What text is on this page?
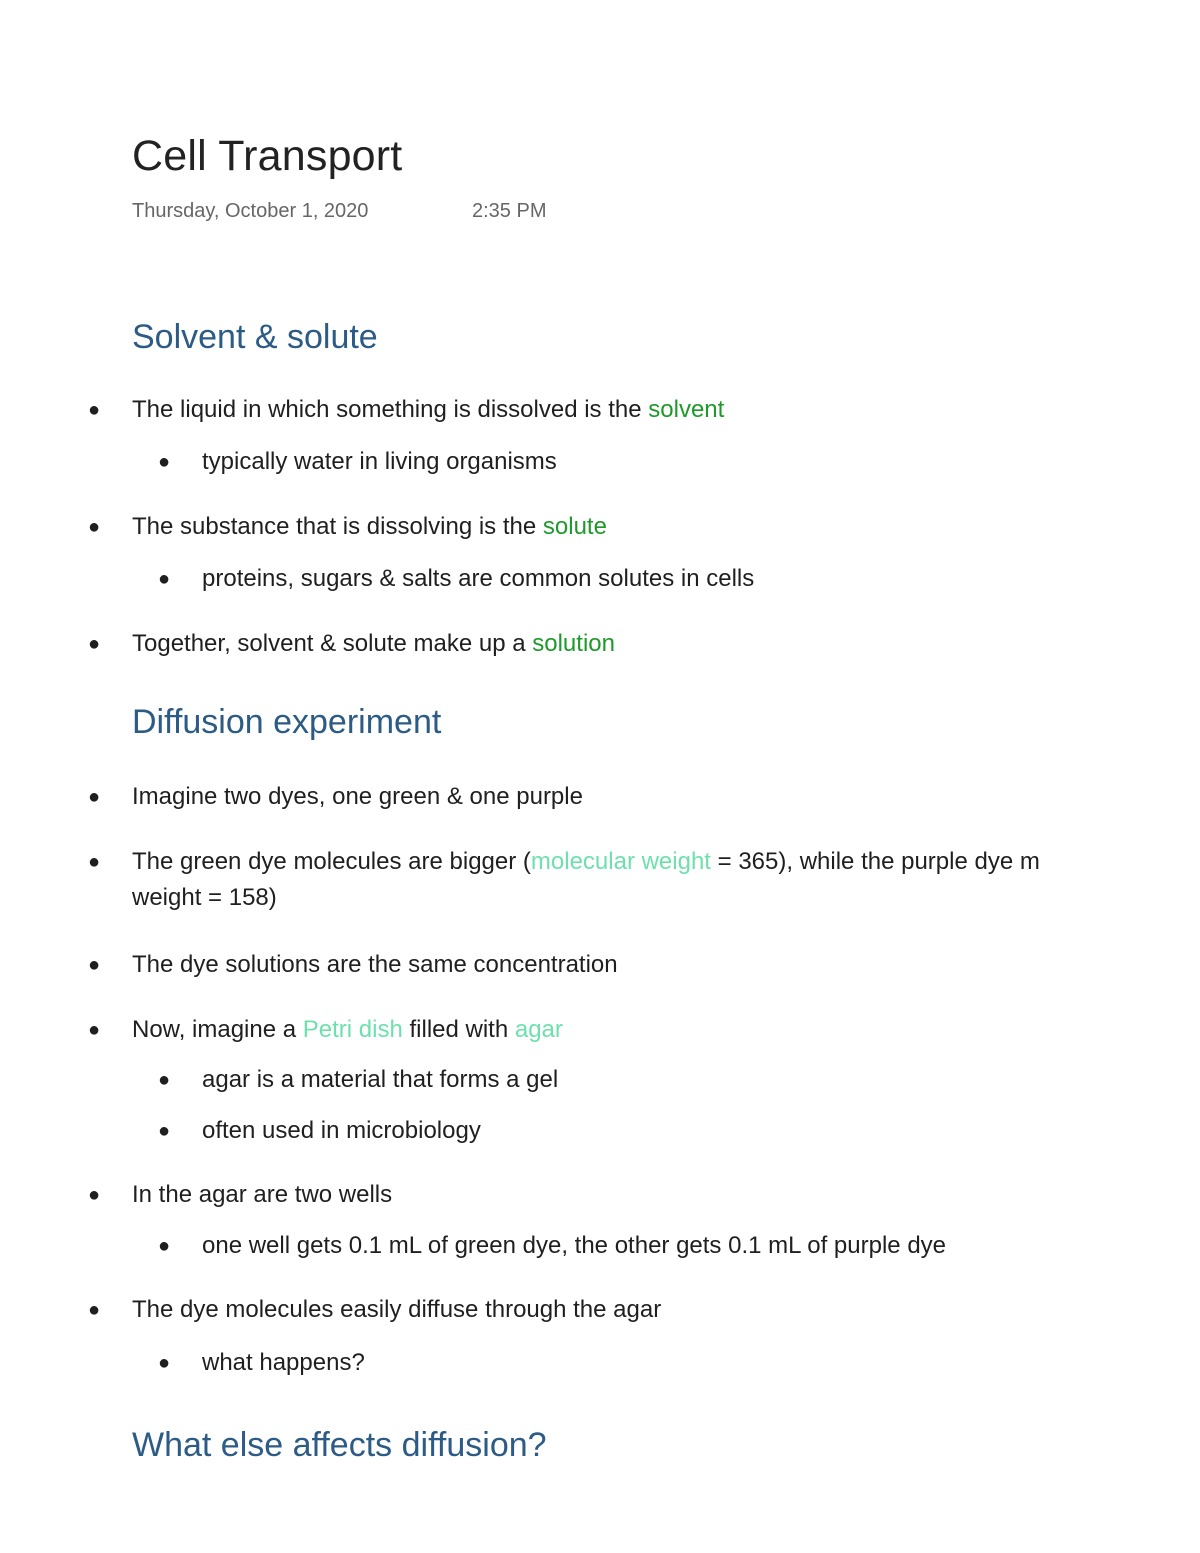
Cell Transport
Thursday, October 1, 2020	2:35 PM
Solvent & solute
● The liquid in which something is dissolved is the solvent
● typically water in living organisms
● The substance that is dissolving is the solute
● proteins, sugars & salts are common solutes in cells
● Together, solvent & solute make up a solution
Diffusion experiment
● Imagine two dyes, one green & one purple
● The green dye molecules are bigger (molecular weight = 365), while the purple dye m
weight = 158)
● The dye solutions are the same concentration
● Now, imagine a Petri dish filled with agar
● agar is a material that forms a gel
● often used in microbiology
● In the agar are two wells
● one well gets 0.1 mL of green dye, the other gets 0.1 mL of purple dye
● The dye molecules easily diffuse through the agar
● what happens?
What else affects diffusion?
